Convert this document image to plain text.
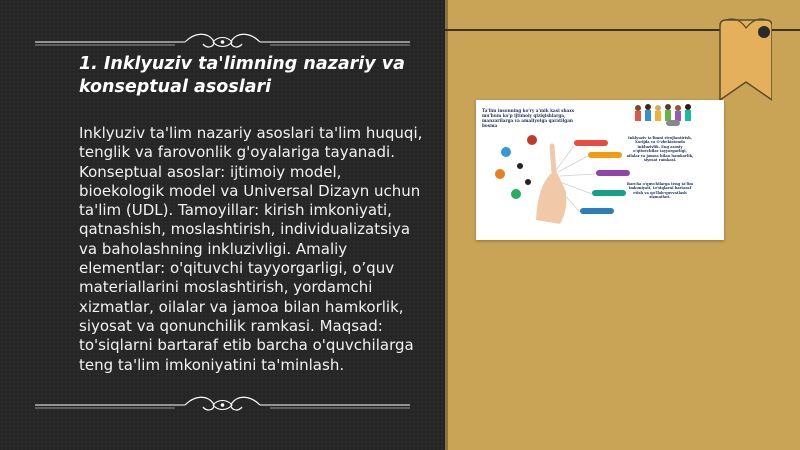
1. Inklyuziv ta'limning nazariy va konseptual asoslari

Inklyuziv ta'lim nazariy asoslari ta'lim huquqi, tenglik va farovonlik g'oyalariga tayanadi. Konseptual asoslar: ijtimoiy model, bioekologik model va Universal Dizayn uchun ta'lim (UDL). Tamoyillar: kirish imkoniyati, qatnashish, moslashtirish, individualizatsiya va baholashning inkluzivligi. Amaliy elementlar: o'qituvchi tayyorgarligi, o’quv materiallarini moslashtirish, yordamchi xizmatlar, oilalar va jamoa bilan hamkorlik, siyosat va qonunchilik ramkasi. Maqsad: to'siqlarni bartaraf etib barcha o'quvchilarga teng ta'lim imkoniyatini ta'minlash.

Ta'lim insonning ko'ry a'mik kasi shaxs mu'hum ko'p ijtimoiy qiziqishlarga, manzarilarga va amaliyotga qaratilgan bosma
Inklyuziv ta'limni rivojlantirish, Xorijda va O'zbekistonda inkluzivlik. Eng asosiy o'qituvchilar tayyorgarligi, oilalar va jamoa bilan hamkorlik, siyosat ramkasi.
Barcha o'quvchilarga teng ta'lim imkoniyati, to'siqlarni bartaraf etish va qo'llab-quvvatlash xizmatlari.
